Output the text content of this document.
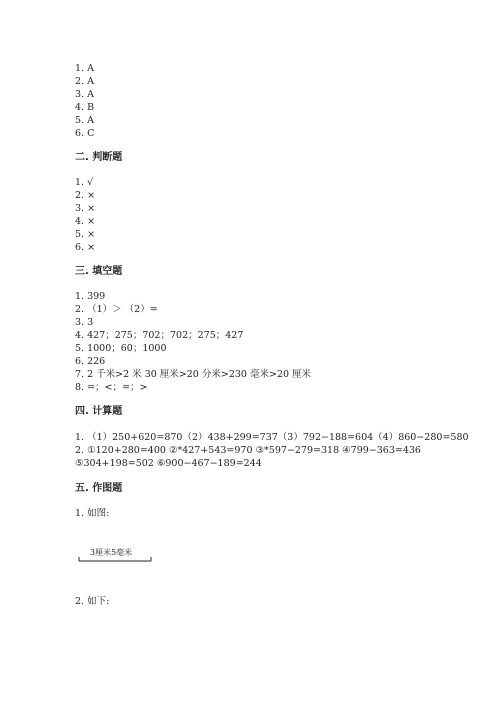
1. A
2. A
3. A
4. B
5. A
6. C
二. 判断题
1. √
2. ×
3. ×
4. ×
5. ×
6. ×
三. 填空题
1. 399
2. （1）＞ （2）=
3. 3
4. 427；275；702；702；275；427
5. 1000；60；1000
6. 226
7. 2 千米>2 米 30 厘米>20 分米>230 毫米>20 厘米
8. =；<；=；>
四. 计算题
1. （1）250+620=870（2）438+299=737（3）792−188=604（4）860−280=580
2. ①120+280=400 ②*427+543=970 ③*597−279=318 ④799−363=436
⑤304+198=502 ⑥900−467−189=244
五. 作图题
1. 如图:
3厘米5毫米
2. 如下:
